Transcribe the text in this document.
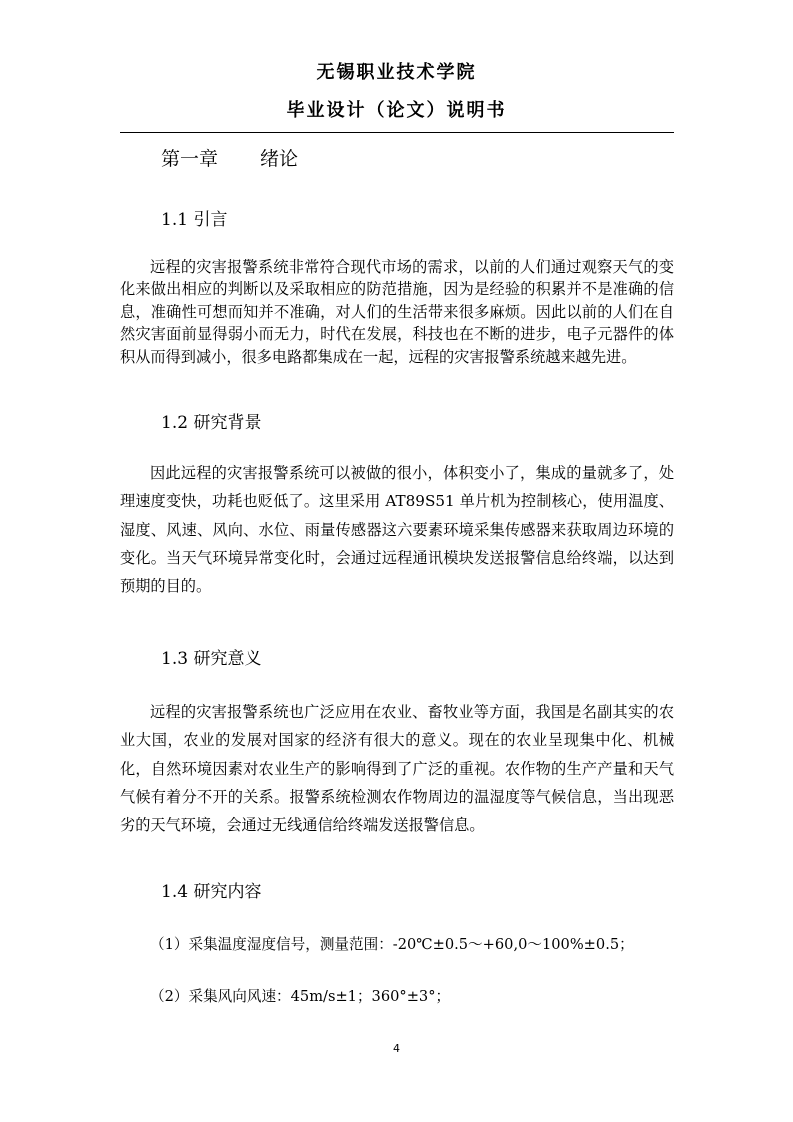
无锡职业技术学院
毕业设计（论文）说明书
第一章 绪论
1.1 引言

远程的灾害报警系统非常符合现代市场的需求，以前的人们通过观察天气的变化来做出相应的判断以及采取相应的防范措施，因为是经验的积累并不是准确的信息，准确性可想而知并不准确，对人们的生活带来很多麻烦。因此以前的人们在自然灾害面前显得弱小而无力，时代在发展，科技也在不断的进步，电子元器件的体积从而得到减小，很多电路都集成在一起，远程的灾害报警系统越来越先进。

1.2 研究背景

因此远程的灾害报警系统可以被做的很小，体积变小了，集成的量就多了，处理速度变快，功耗也贬低了。这里采用 AT89S51 单片机为控制核心，使用温度、湿度、风速、风向、水位、雨量传感器这六要素环境采集传感器来获取周边环境的变化。当天气环境异常变化时，会通过远程通讯模块发送报警信息给终端，以达到预期的目的。

1.3 研究意义

远程的灾害报警系统也广泛应用在农业、畜牧业等方面，我国是名副其实的农业大国，农业的发展对国家的经济有很大的意义。现在的农业呈现集中化、机械化，自然环境因素对农业生产的影响得到了广泛的重视。农作物的生产产量和天气气候有着分不开的关系。报警系统检测农作物周边的温湿度等气候信息，当出现恶劣的天气环境，会通过无线通信给终端发送报警信息。

1.4 研究内容
（1）采集温度湿度信号，测量范围：-20℃±0.5～+60,0～100%±0.5；
（2）采集风向风速：45m/s±1；360°±3°；
4
